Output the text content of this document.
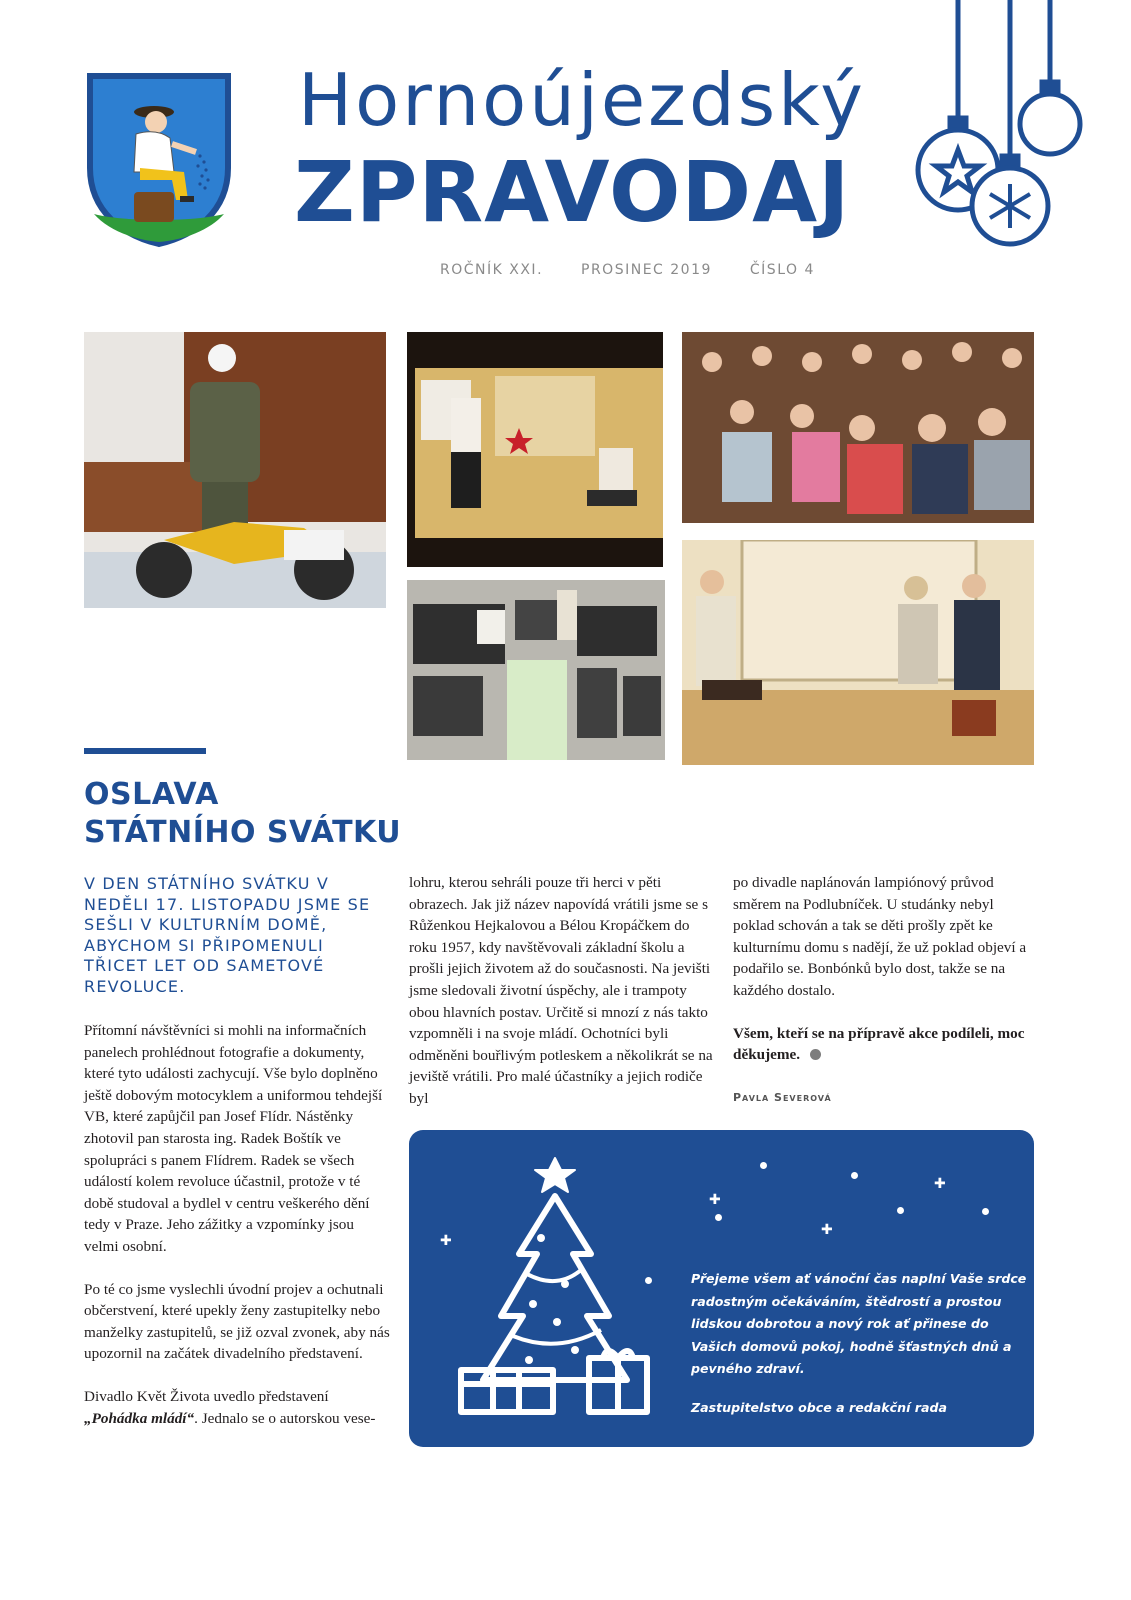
Hornoújezdský
ZPRAVODAJ
ROČNÍK XXI.	PROSINEC 2019	ČÍSLO 4
OSLAVA
STÁTNÍHO SVÁTKU
V DEN STÁTNÍHO SVÁTKU V NEDĚLI 17. LISTOPADU JSME SE SEŠLI V KULTURNÍM DOMĚ, ABYCHOM SI PŘIPOMENULI TŘICET LET OD SAMETOVÉ REVOLUCE.

Přítomní návštěvníci si mohli na informačních panelech prohlédnout fotografie a dokumenty, které tyto události zachycují. Vše bylo doplněno ještě dobovým motocyklem a uniformou tehdejší VB, které zapůjčil pan Josef Flídr. Nástěnky zhotovil pan starosta ing. Radek Boštík ve spolupráci s panem Flídrem. Radek se všech událostí kolem revoluce účastnil, protože v té době studoval a bydlel v centru veškerého dění tedy v Praze. Jeho zážitky a vzpomínky jsou velmi osobní.

Po té co jsme vyslechli úvodní projev a ochutnali občerstvení, které upekly ženy zastupitelky nebo manželky zastupitelů, se již ozval zvonek, aby nás upozornil na začátek divadelního představení.

Divadlo Květ Života uvedlo představení „Pohádka mládí“. Jednalo se o autorskou vese-

lohru, kterou sehráli pouze tři herci v pěti obrazech. Jak již název napovídá vrátili jsme se s Růženkou Hejkalovou a Bélou Kropáčkem do roku 1957, kdy navštěvovali základní školu a prošli jejich životem až do současnosti. Na jevišti jsme sledovali životní úspěchy, ale i trampoty obou hlavních postav. Určitě si mnozí z nás takto vzpomněli i na svoje mládí. Ochotníci byli odměněni bouřlivým potleskem a několikrát se na jeviště vrátili. Pro malé účastníky a jejich rodiče byl

po divadle naplánován lampiónový průvod směrem na Podlubníček. U studánky nebyl poklad schován a tak se děti prošly zpět ke kulturnímu domu s nadějí, že už poklad objeví a podařilo se. Bonbónků bylo dost, takže se na každého dostalo.

Všem, kteří se na přípravě akce podíleli, moc děkujeme.

Pavla Severová
✚
✚
✚
✚

Přejeme všem ať vánoční čas naplní Vaše srdce radostným očekáváním, štědrostí a prostou lidskou dobrotou a nový rok ať přinese do Vašich domovů pokoj, hodně šťastných dnů a pevného zdraví.

Zastupitelstvo obce a redakční rada
